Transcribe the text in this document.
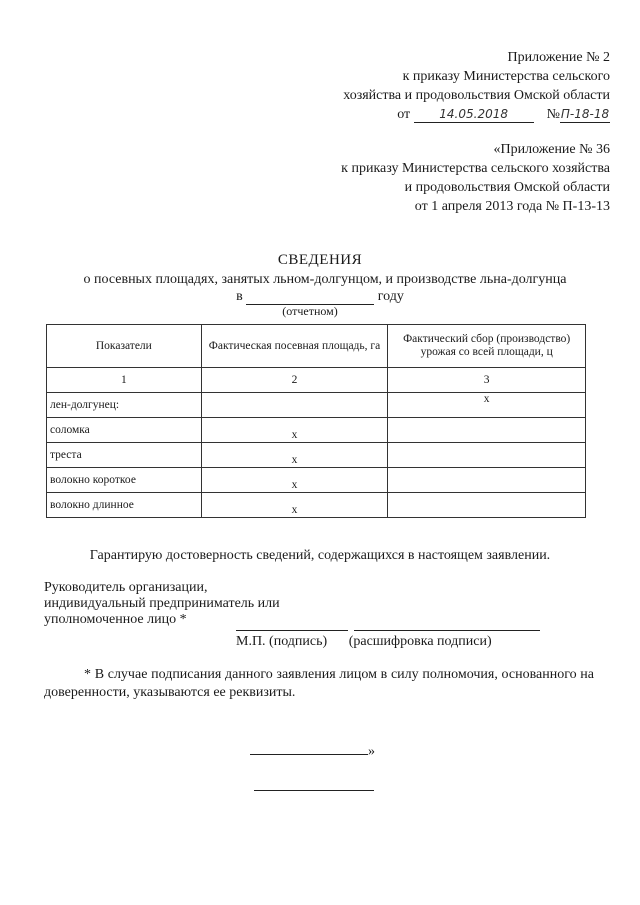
Приложение № 2
к приказу Министерства сельского
хозяйства и продовольствия Омской области
от 14.05.2018	№П-18-18
«Приложение № 36
к приказу Министерства сельского хозяйства
и продовольствия Омской области
от 1 апреля 2013 года № П-13-13
СВЕДЕНИЯ
о посевных площадях, занятых льном-долгунцом, и производстве льна-долгунца
в	году
(отчетном)
Показатели	Фактическая посевная площадь, га	Фактический сбор (производство) урожая со всей площади, ц
1	2	3
лен-долгунец:		х
соломка	х	
треста	х	
волокно короткое	х	
волокно длинное	х	
Гарантирую достоверность сведений, содержащихся в настоящем заявлении.
Руководитель организации,
индивидуальный предприниматель или
уполномоченное лицо *
М.П. (подпись) (расшифровка подписи)
* В случае подписания данного заявления лицом в силу полномочия, основанного на доверенности, указываются ее реквизиты.
»
